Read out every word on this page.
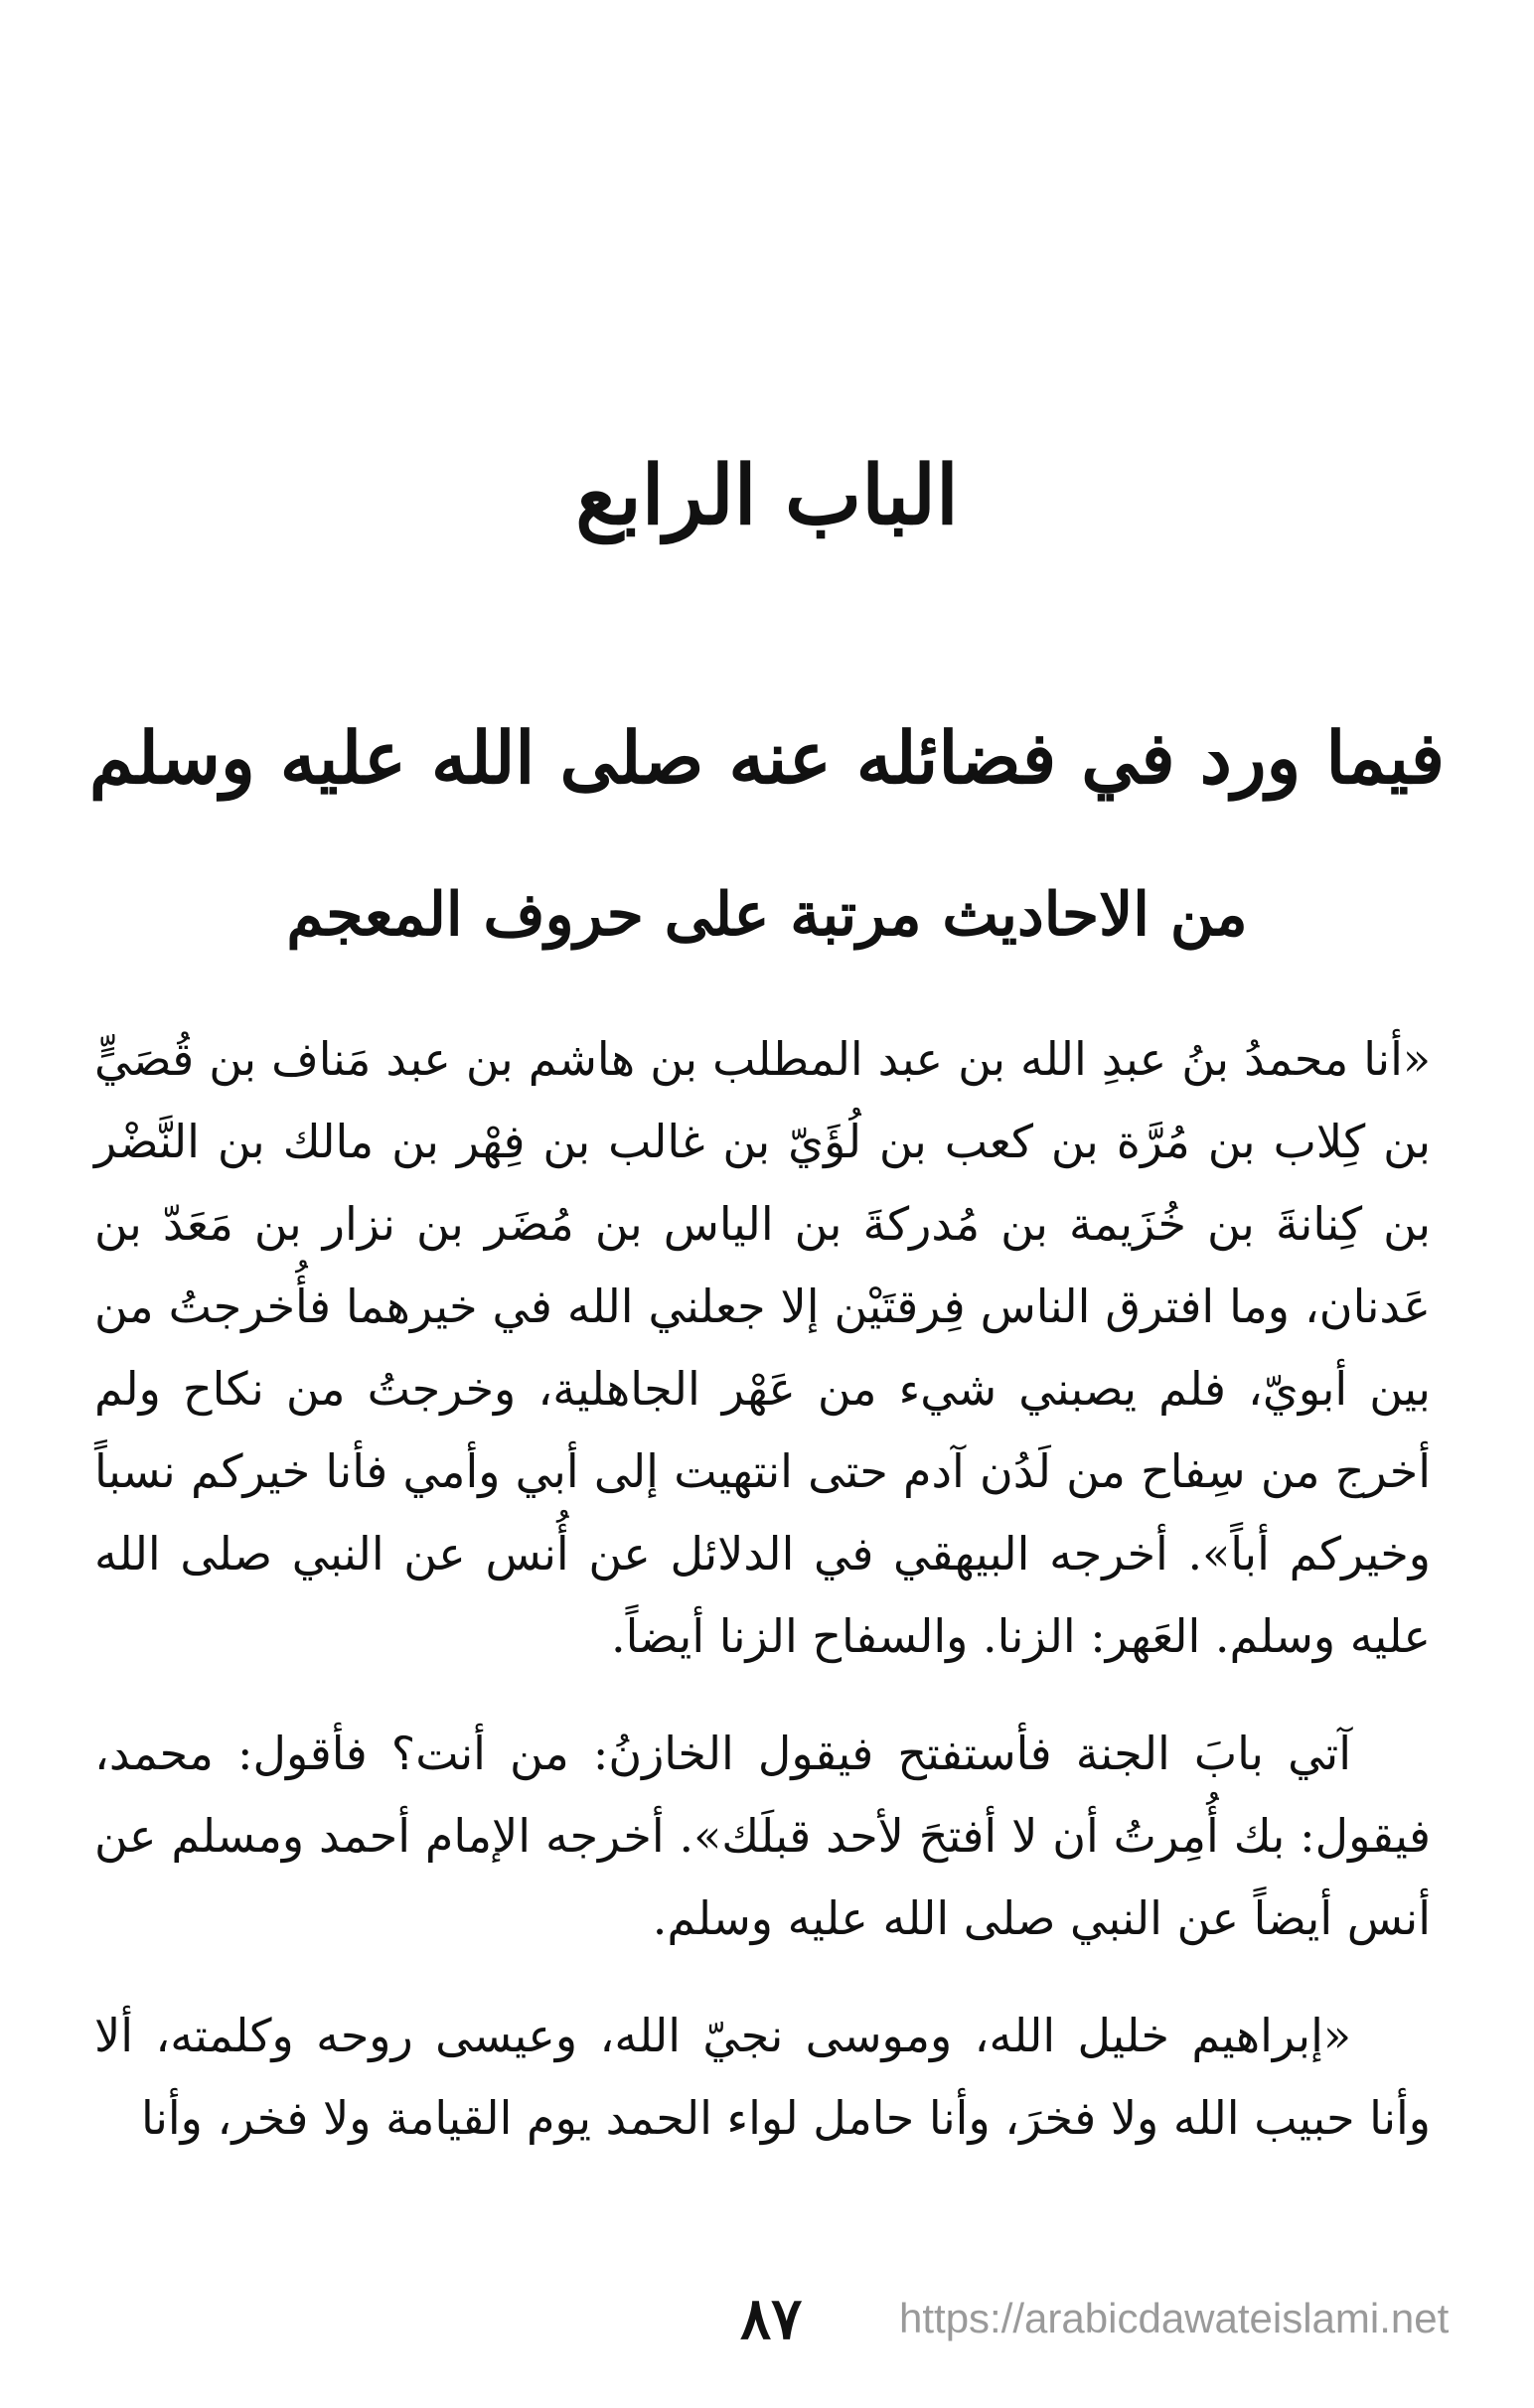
الباب الرابع
فيما ورد في فضائله عنه صلى الله عليه وسلم
من الاحاديث مرتبة على حروف المعجم

«أنا محمدُ بنُ عبدِ الله بن عبد المطلب بن هاشم بن عبد مَناف بن قُصَيٍّ بن كِلاب بن مُرَّة بن كعب بن لُؤَيّ بن غالب بن فِهْر بن مالك بن النَّضْر بن كِنانةَ بن خُزَيمة بن مُدركةَ بن الياس بن مُضَر بن نزار بن مَعَدّ بن عَدنان، وما افترق الناس فِرقتَيْن إلا جعلني الله في خيرهما فأُخرجتُ من بين أبويّ، فلم يصبني شيء من عَهْر الجاهلية، وخرجتُ من نكاح ولم أخرج من سِفاح من لَدُن آدم حتى انتهيت إلى أبي وأمي فأنا خيركم نسباً وخيركم أباً». أخرجه البيهقي في الدلائل عن أُنس عن النبي صلى الله عليه وسلم. العَهر: الزنا. والسفاح الزنا أيضاً.

آتي بابَ الجنة فأستفتح فيقول الخازنُ: من أنت؟ فأقول: محمد، فيقول: بك أُمِرتُ أن لا أفتحَ لأحد قبلَك». أخرجه الإمام أحمد ومسلم عن أنس أيضاً عن النبي صلى الله عليه وسلم.

«إبراهيم خليل الله، وموسى نجيّ الله، وعيسى روحه وكلمته، ألا وأنا حبيب الله ولا فخرَ، وأنا حامل لواء الحمد يوم القيامة ولا فخر، وأنا

٨٧ https://arabicdawateislami.net
